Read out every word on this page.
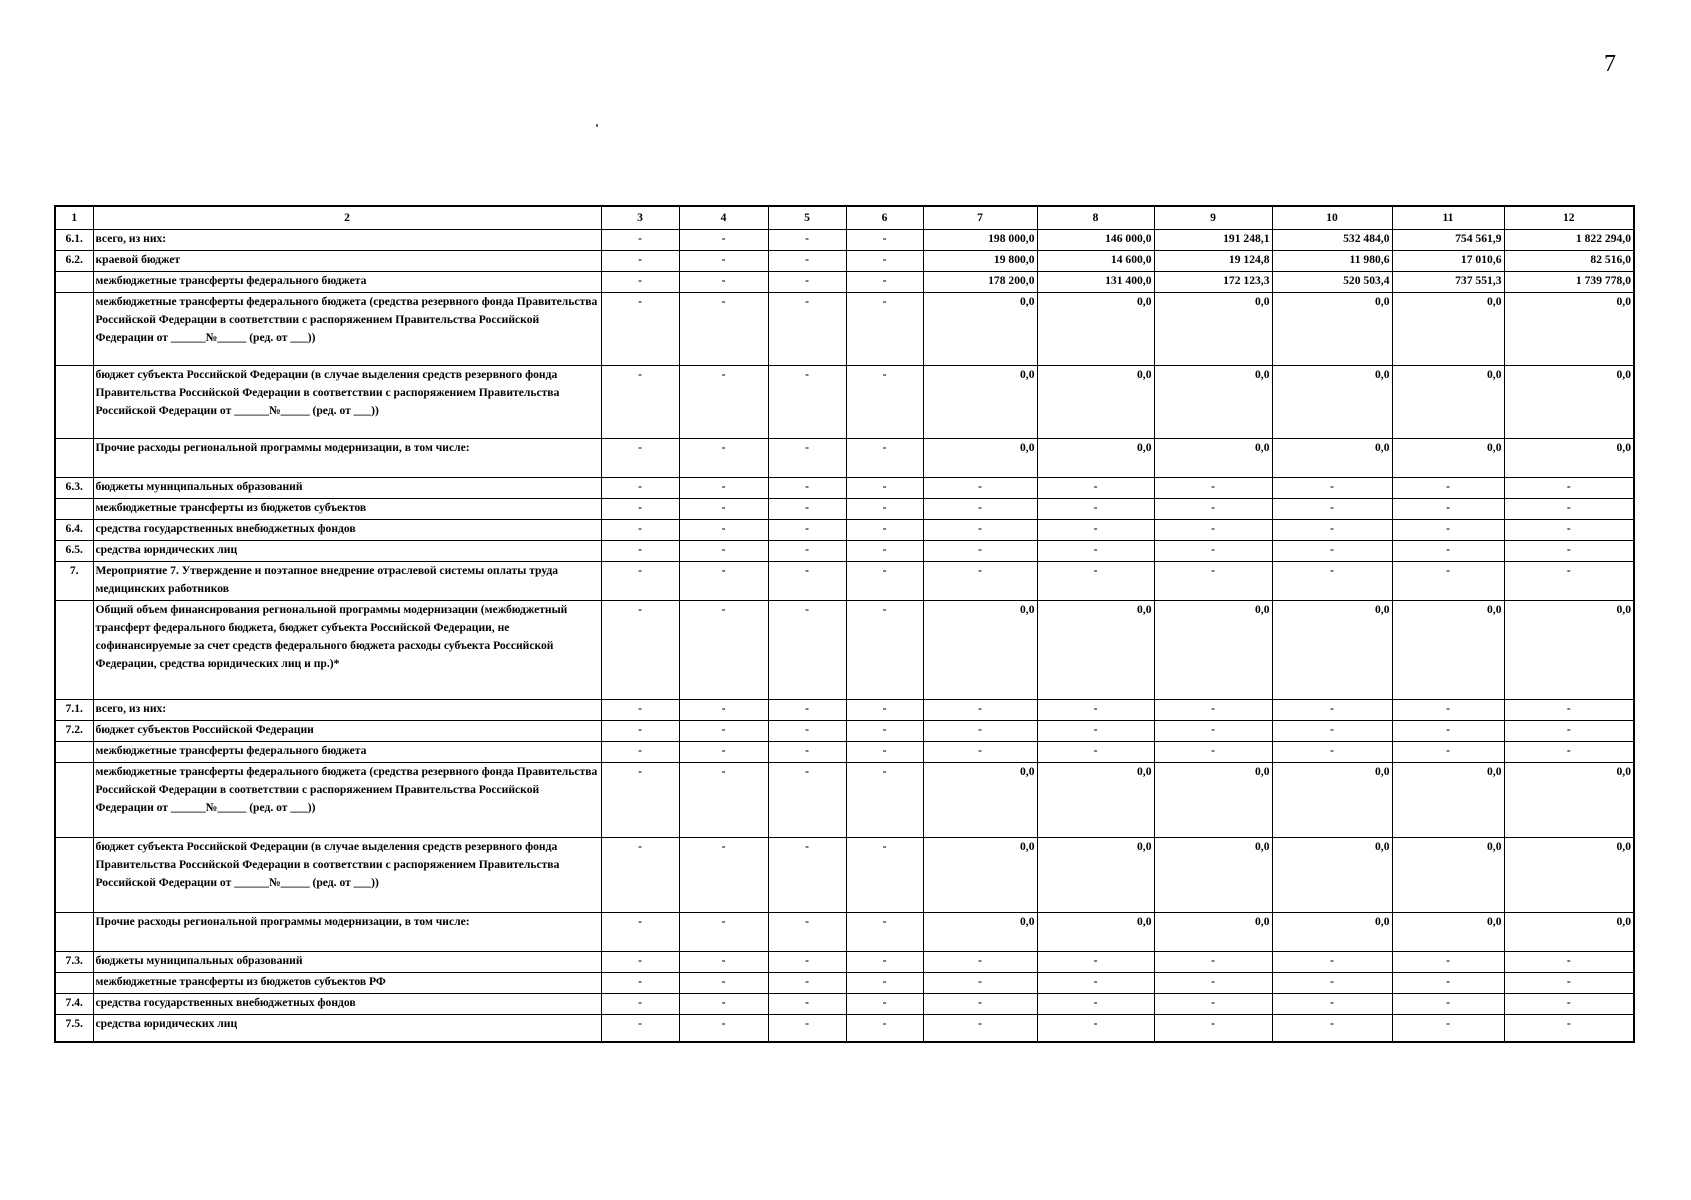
7
1	2	3	4	5	6	7	8	9	10	11	12
6.1.	всего, из них:	-	-	-	-	198 000,0	146 000,0	191 248,1	532 484,0	754 561,9	1 822 294,0
6.2.	краевой бюджет	-	-	-	-	19 800,0	14 600,0	19 124,8	11 980,6	17 010,6	82 516,0
	межбюджетные трансферты федерального бюджета	-	-	-	-	178 200,0	131 400,0	172 123,3	520 503,4	737 551,3	1 739 778,0
	межбюджетные трансферты федерального бюджета (средства резервного фонда Правительства Российской Федерации в соответствии с распоряжением Правительства Российской Федерации от ______№_____ (ред. от ___))	-	-	-	-	0,0	0,0	0,0	0,0	0,0	0,0
	бюджет субъекта Российской Федерации (в случае выделения средств резервного фонда Правительства Российской Федерации в соответствии с распоряжением Правительства Российской Федерации от ______№_____ (ред. от ___))	-	-	-	-	0,0	0,0	0,0	0,0	0,0	0,0
	Прочие расходы региональной программы модернизации, в том числе:	-	-	-	-	0,0	0,0	0,0	0,0	0,0	0,0
6.3.	бюджеты муниципальных образований	-	-	-	-	-	-	-	-	-	-
	межбюджетные трансферты из бюджетов субъектов	-	-	-	-	-	-	-	-	-	-
6.4.	средства государственных внебюджетных фондов	-	-	-	-	-	-	-	-	-	-
6.5.	средства юридических лиц	-	-	-	-	-	-	-	-	-	-
7.	Мероприятие 7. Утверждение и поэтапное внедрение отраслевой системы оплаты труда медицинских работников	-	-	-	-	-	-	-	-	-	-
	Общий объем финансирования региональной программы модернизации (межбюджетный трансферт федерального бюджета, бюджет субъекта Российской Федерации, не софинансируемые за счет средств федерального бюджета расходы субъекта Российской Федерации, средства юридических лиц и пр.)*	-	-	-	-	0,0	0,0	0,0	0,0	0,0	0,0
7.1.	всего, из них:	-	-	-	-	-	-	-	-	-	-
7.2.	бюджет субъектов Российской Федерации	-	-	-	-	-	-	-	-	-	-
	межбюджетные трансферты федерального бюджета	-	-	-	-	-	-	-	-	-	-
	межбюджетные трансферты федерального бюджета (средства резервного фонда Правительства Российской Федерации в соответствии с распоряжением Правительства Российской Федерации от ______№_____ (ред. от ___))	-	-	-	-	0,0	0,0	0,0	0,0	0,0	0,0
	бюджет субъекта Российской Федерации (в случае выделения средств резервного фонда Правительства Российской Федерации в соответствии с распоряжением Правительства Российской Федерации от ______№_____ (ред. от ___))	-	-	-	-	0,0	0,0	0,0	0,0	0,0	0,0
	Прочие расходы региональной программы модернизации, в том числе:	-	-	-	-	0,0	0,0	0,0	0,0	0,0	0,0
7.3.	бюджеты муниципальных образований	-	-	-	-	-	-	-	-	-	-
	межбюджетные трансферты из бюджетов субъектов РФ	-	-	-	-	-	-	-	-	-	-
7.4.	средства государственных внебюджетных фондов	-	-	-	-	-	-	-	-	-	-
7.5.	средства юридических лиц	-	-	-	-	-	-	-	-	-	-
